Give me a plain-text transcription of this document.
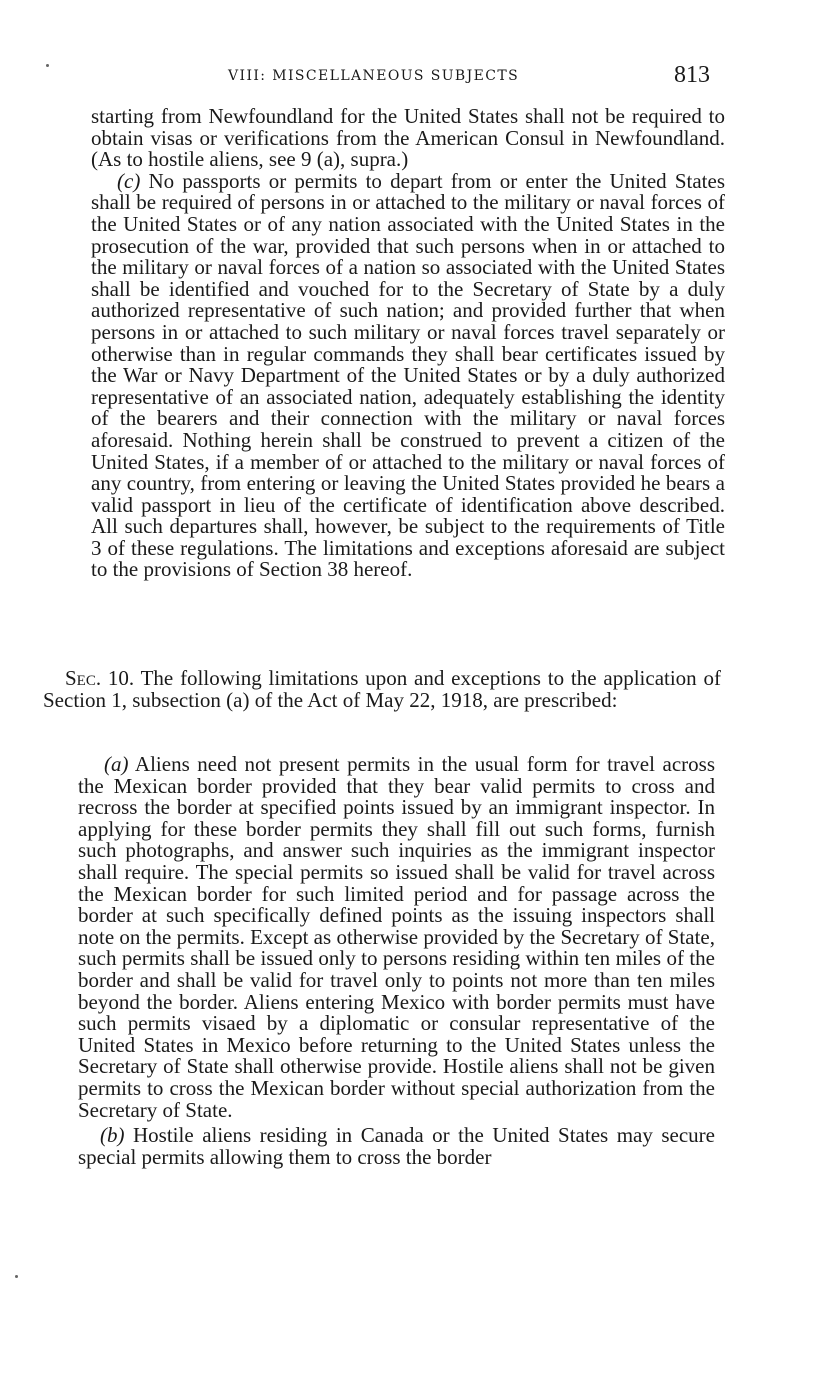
VIII: MISCELLANEOUS SUBJECTS	813

starting from Newfoundland for the United States shall not be required to obtain visas or verifications from the American Consul in Newfoundland. (As to hostile aliens, see 9 (a), supra.)

(c) No passports or permits to depart from or enter the United States shall be required of persons in or attached to the military or naval forces of the United States or of any nation associated with the United States in the prosecution of the war, provided that such persons when in or attached to the military or naval forces of a nation so associated with the United States shall be identified and vouched for to the Secretary of State by a duly authorized representative of such nation; and provided further that when persons in or attached to such military or naval forces travel separately or otherwise than in regular commands they shall bear certificates issued by the War or Navy Department of the United States or by a duly authorized representative of an associated nation, adequately establishing the identity of the bearers and their connection with the military or naval forces aforesaid. Nothing herein shall be construed to prevent a citizen of the United States, if a member of or attached to the military or naval forces of any country, from entering or leaving the United States provided he bears a valid passport in lieu of the certificate of identification above described. All such departures shall, however, be subject to the requirements of Title 3 of these regulations. The limitations and exceptions aforesaid are subject to the provisions of Section 38 hereof.

Sec. 10. The following limitations upon and exceptions to the application of Section 1, subsection (a) of the Act of May 22, 1918, are prescribed:

(a) Aliens need not present permits in the usual form for travel across the Mexican border provided that they bear valid permits to cross and recross the border at specified points issued by an immigrant inspector. In applying for these border permits they shall fill out such forms, furnish such photographs, and answer such inquiries as the immigrant inspector shall require. The special permits so issued shall be valid for travel across the Mexican border for such limited period and for passage across the border at such specifically defined points as the issuing inspectors shall note on the permits. Except as otherwise provided by the Secretary of State, such permits shall be issued only to persons residing within ten miles of the border and shall be valid for travel only to points not more than ten miles beyond the border. Aliens entering Mexico with border permits must have such permits visaed by a diplomatic or consular representative of the United States in Mexico before returning to the United States unless the Secretary of State shall otherwise provide. Hostile aliens shall not be given permits to cross the Mexican border without special authorization from the Secretary of State.

(b) Hostile aliens residing in Canada or the United States may secure special permits allowing them to cross the border
